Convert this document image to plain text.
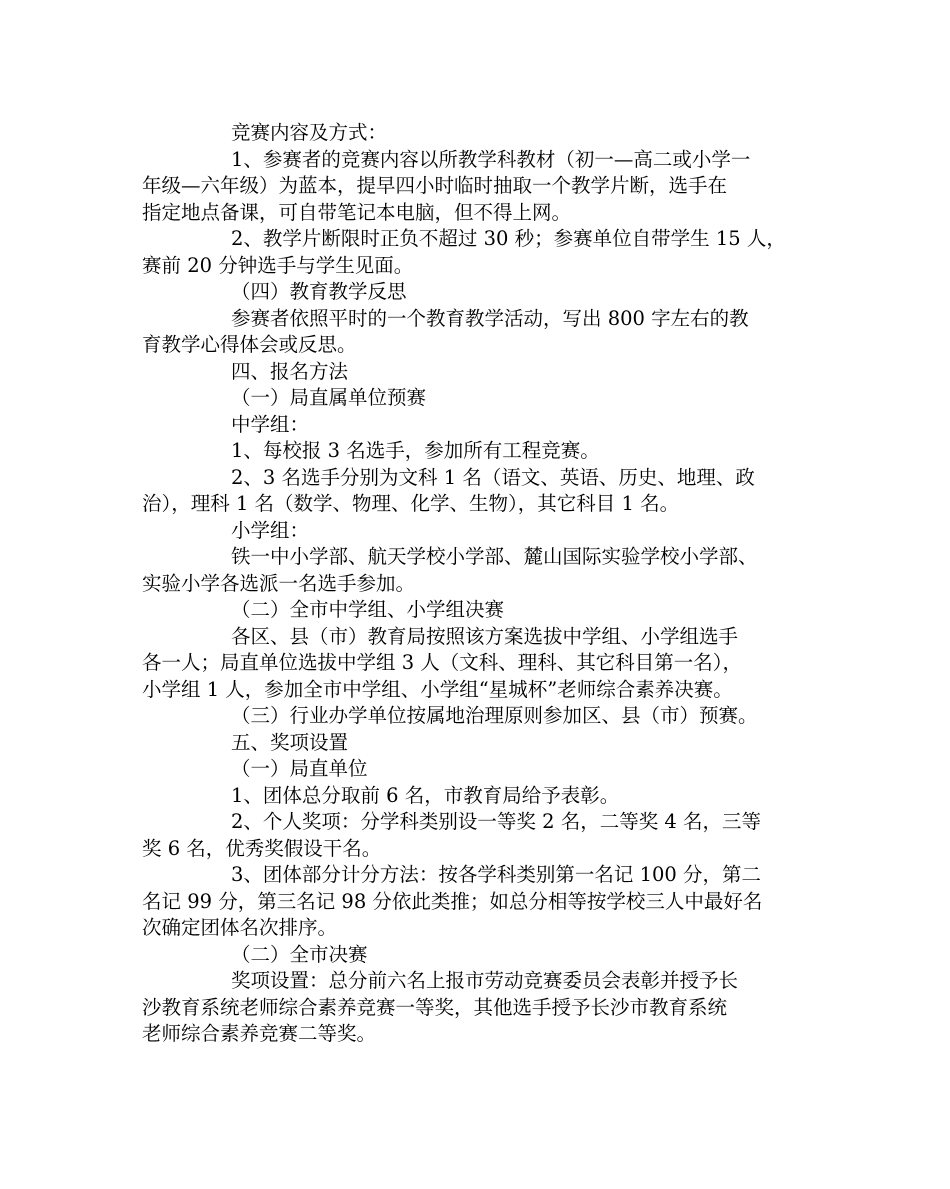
竞赛内容及方式：

1、参赛者的竞赛内容以所教学科教材（初一—高二或小学一
年级—六年级）为蓝本，提早四小时临时抽取一个教学片断，选手在
指定地点备课，可自带笔记本电脑，但不得上网。

2、教学片断限时正负不超过 30 秒；参赛单位自带学生 15 人，
赛前 20 分钟选手与学生见面。

（四）教育教学反思

参赛者依照平时的一个教育教学活动，写出 800 字左右的教
育教学心得体会或反思。

四、报名方法

（一）局直属单位预赛

中学组：

1、每校报 3 名选手，参加所有工程竞赛。

2、3 名选手分别为文科 1 名（语文、英语、历史、地理、政
治），理科 1 名（数学、物理、化学、生物），其它科目 1 名。

小学组：

铁一中小学部、航天学校小学部、麓山国际实验学校小学部、
实验小学各选派一名选手参加。

（二）全市中学组、小学组决赛

各区、县（市）教育局按照该方案选拔中学组、小学组选手
各一人；局直单位选拔中学组 3 人（文科、理科、其它科目第一名），
小学组 1 人，参加全市中学组、小学组“星城杯”老师综合素养决赛。

（三）行业办学单位按属地治理原则参加区、县（市）预赛。

五、奖项设置

（一）局直单位

1、团体总分取前 6 名，市教育局给予表彰。

2、个人奖项：分学科类别设一等奖 2 名，二等奖 4 名，三等
奖 6 名，优秀奖假设干名。

3、团体部分计分方法：按各学科类别第一名记 100 分，第二
名记 99 分，第三名记 98 分依此类推；如总分相等按学校三人中最好名
次确定团体名次排序。

（二）全市决赛

奖项设置：总分前六名上报市劳动竞赛委员会表彰并授予长
沙教育系统老师综合素养竞赛一等奖，其他选手授予长沙市教育系统
老师综合素养竞赛二等奖。
